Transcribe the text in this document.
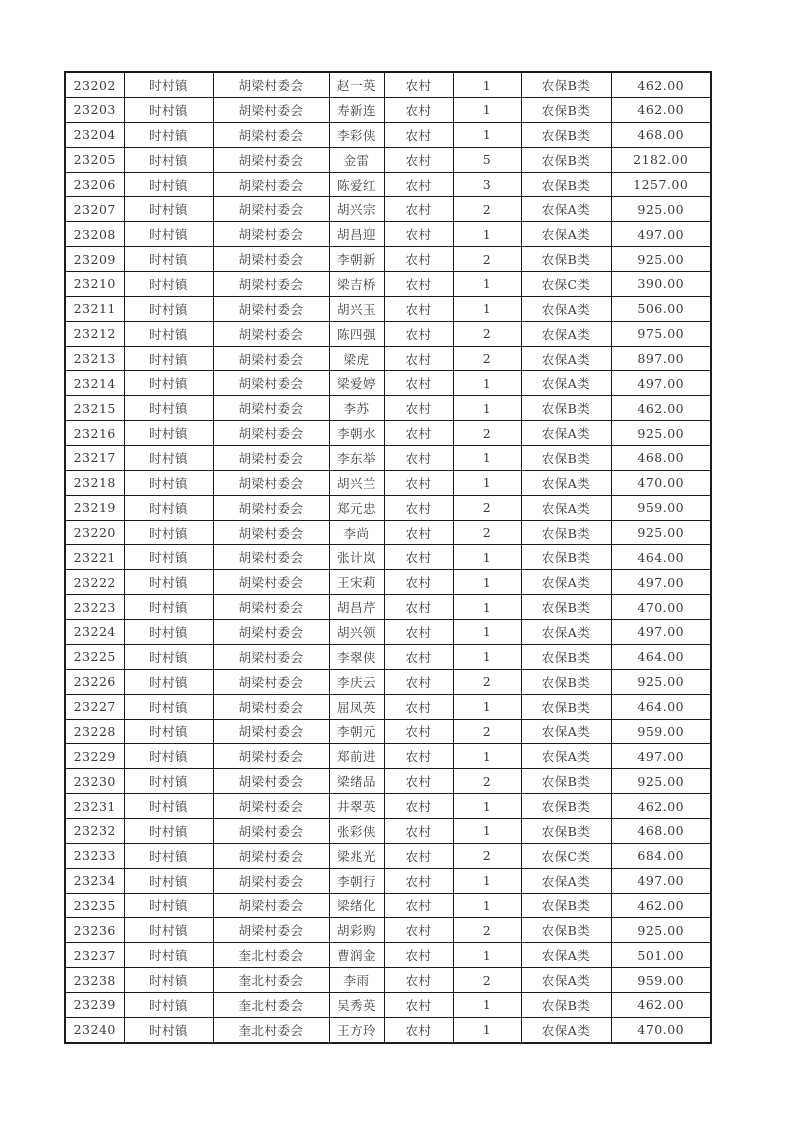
23202	时村镇	胡梁村委会	赵一英	农村	1	农保B类	462.00
23203	时村镇	胡梁村委会	寿新连	农村	1	农保B类	462.00
23204	时村镇	胡梁村委会	李彩侠	农村	1	农保B类	468.00
23205	时村镇	胡梁村委会	金雷	农村	5	农保B类	2182.00
23206	时村镇	胡梁村委会	陈爱红	农村	3	农保B类	1257.00
23207	时村镇	胡梁村委会	胡兴宗	农村	2	农保A类	925.00
23208	时村镇	胡梁村委会	胡昌迎	农村	1	农保A类	497.00
23209	时村镇	胡梁村委会	李朝新	农村	2	农保B类	925.00
23210	时村镇	胡梁村委会	梁吉桥	农村	1	农保C类	390.00
23211	时村镇	胡梁村委会	胡兴玉	农村	1	农保A类	506.00
23212	时村镇	胡梁村委会	陈四强	农村	2	农保A类	975.00
23213	时村镇	胡梁村委会	梁虎	农村	2	农保A类	897.00
23214	时村镇	胡梁村委会	梁爱婷	农村	1	农保A类	497.00
23215	时村镇	胡梁村委会	李苏	农村	1	农保B类	462.00
23216	时村镇	胡梁村委会	李朝水	农村	2	农保A类	925.00
23217	时村镇	胡梁村委会	李东举	农村	1	农保B类	468.00
23218	时村镇	胡梁村委会	胡兴兰	农村	1	农保A类	470.00
23219	时村镇	胡梁村委会	郑元忠	农村	2	农保A类	959.00
23220	时村镇	胡梁村委会	李尚	农村	2	农保B类	925.00
23221	时村镇	胡梁村委会	张计岚	农村	1	农保B类	464.00
23222	时村镇	胡梁村委会	王宋莉	农村	1	农保A类	497.00
23223	时村镇	胡梁村委会	胡昌芹	农村	1	农保B类	470.00
23224	时村镇	胡梁村委会	胡兴领	农村	1	农保A类	497.00
23225	时村镇	胡梁村委会	李翠侠	农村	1	农保B类	464.00
23226	时村镇	胡梁村委会	李庆云	农村	2	农保B类	925.00
23227	时村镇	胡梁村委会	屈凤英	农村	1	农保B类	464.00
23228	时村镇	胡梁村委会	李朝元	农村	2	农保A类	959.00
23229	时村镇	胡梁村委会	郑前进	农村	1	农保A类	497.00
23230	时村镇	胡梁村委会	梁绪品	农村	2	农保B类	925.00
23231	时村镇	胡梁村委会	井翠英	农村	1	农保B类	462.00
23232	时村镇	胡梁村委会	张彩侠	农村	1	农保B类	468.00
23233	时村镇	胡梁村委会	梁兆光	农村	2	农保C类	684.00
23234	时村镇	胡梁村委会	李朝行	农村	1	农保A类	497.00
23235	时村镇	胡梁村委会	梁绪化	农村	1	农保B类	462.00
23236	时村镇	胡梁村委会	胡彩购	农村	2	农保B类	925.00
23237	时村镇	奎北村委会	曹润金	农村	1	农保A类	501.00
23238	时村镇	奎北村委会	李雨	农村	2	农保A类	959.00
23239	时村镇	奎北村委会	吴秀英	农村	1	农保B类	462.00
23240	时村镇	奎北村委会	王方玲	农村	1	农保A类	470.00
